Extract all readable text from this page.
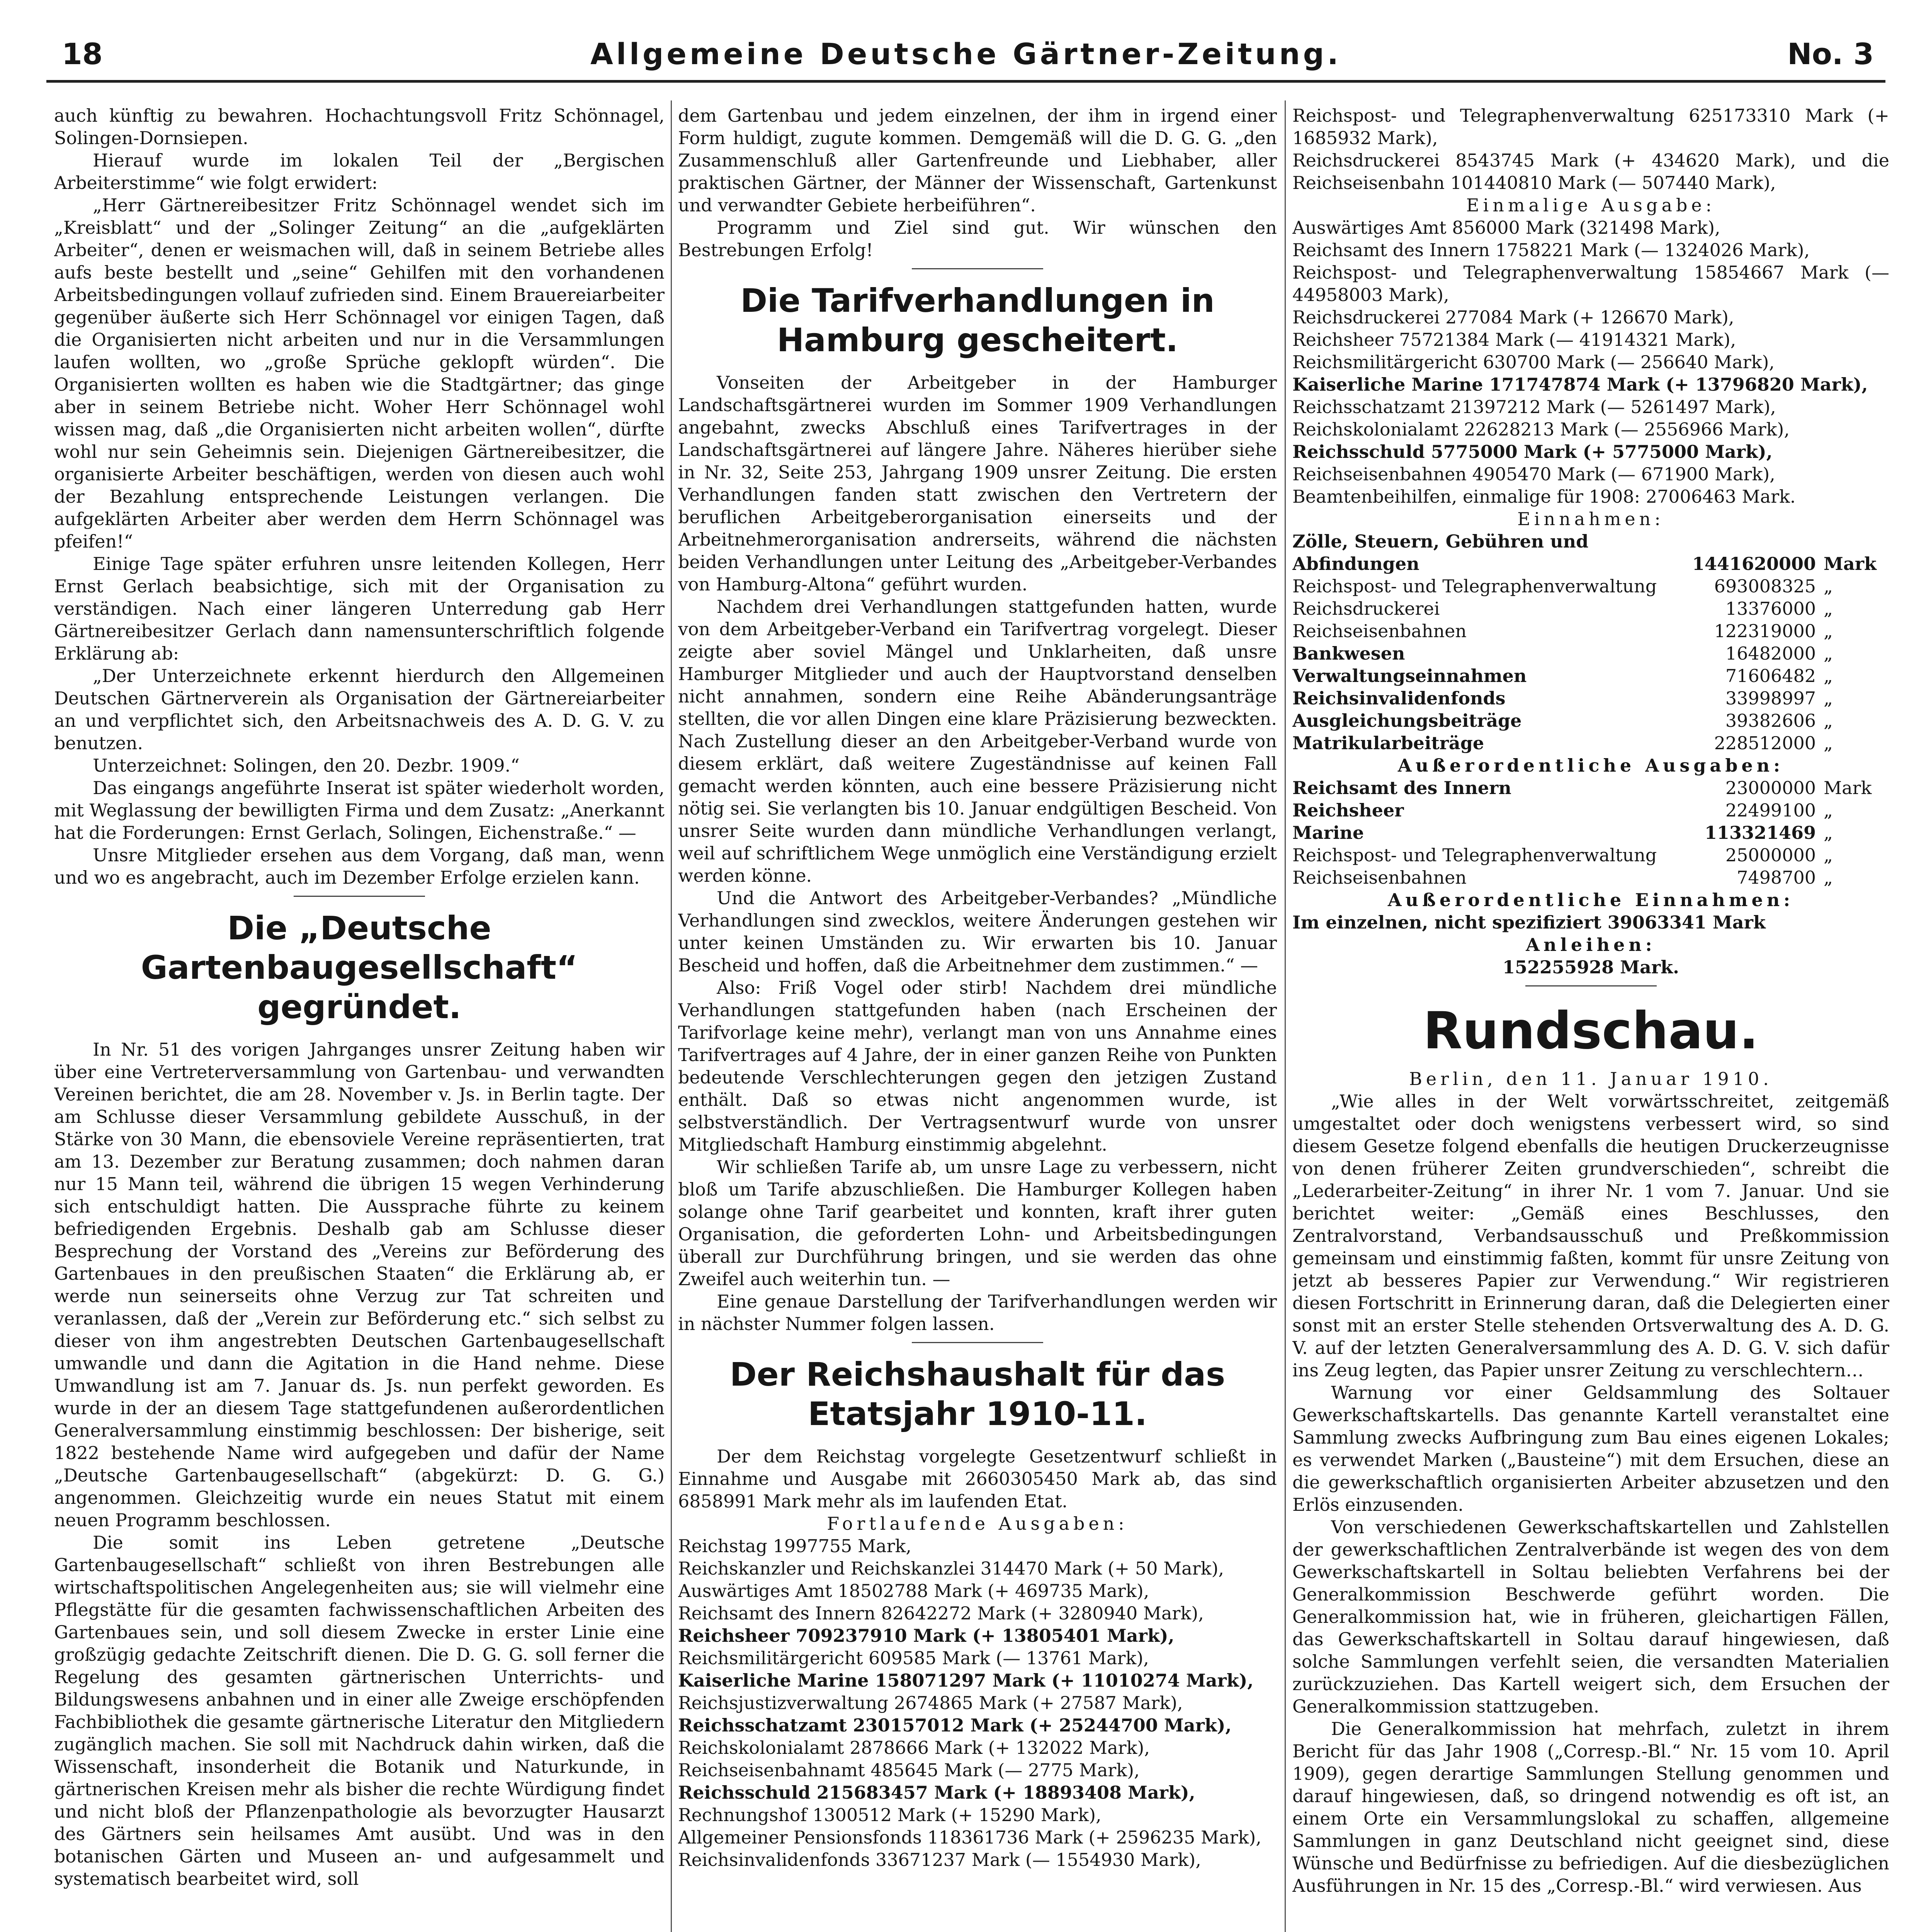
18	Allgemeine Deutsche Gärtner-Zeitung.	No. 3

auch künftig zu bewahren. Hochachtungsvoll Fritz Schönnagel, Solingen-Dornsiepen.

Hierauf wurde im lokalen Teil der „Bergischen Arbeiterstimme“ wie folgt erwidert:

„Herr Gärtnereibesitzer Fritz Schönnagel wendet sich im „Kreisblatt“ und der „Solinger Zeitung“ an die „aufgeklärten Arbeiter“, denen er weismachen will, daß in seinem Betriebe alles aufs beste bestellt und „seine“ Gehilfen mit den vorhandenen Arbeitsbedingungen vollauf zufrieden sind. Einem Brauereiarbeiter gegenüber äußerte sich Herr Schönnagel vor einigen Tagen, daß die Organisierten nicht arbeiten und nur in die Versammlungen laufen wollten, wo „große Sprüche geklopft würden“. Die Organisierten wollten es haben wie die Stadtgärtner; das ginge aber in seinem Betriebe nicht. Woher Herr Schönnagel wohl wissen mag, daß „die Organisierten nicht arbeiten wollen“, dürfte wohl nur sein Geheimnis sein. Diejenigen Gärtnereibesitzer, die organisierte Arbeiter beschäftigen, werden von diesen auch wohl der Bezahlung entsprechende Leistungen verlangen. Die aufgeklärten Arbeiter aber werden dem Herrn Schönnagel was pfeifen!“

Einige Tage später erfuhren unsre leitenden Kollegen, Herr Ernst Gerlach beabsichtige, sich mit der Organisation zu verständigen. Nach einer längeren Unterredung gab Herr Gärtnereibesitzer Gerlach dann namensunterschriftlich folgende Erklärung ab:

„Der Unterzeichnete erkennt hierdurch den Allgemeinen Deutschen Gärtnerverein als Organisation der Gärtnereiarbeiter an und verpflichtet sich, den Arbeitsnachweis des A. D. G. V. zu benutzen.

Unterzeichnet: Solingen, den 20. Dezbr. 1909.“

Das eingangs angeführte Inserat ist später wiederholt worden, mit Weglassung der bewilligten Firma und dem Zusatz: „Anerkannt hat die Forderungen: Ernst Gerlach, Solingen, Eichenstraße.“ —

Unsre Mitglieder ersehen aus dem Vorgang, daß man, wenn und wo es angebracht, auch im Dezember Erfolge erzielen kann.

Die „Deutsche Gartenbaugesellschaft“ gegründet.

In Nr. 51 des vorigen Jahrganges unsrer Zeitung haben wir über eine Vertreterversammlung von Gartenbau- und verwandten Vereinen berichtet, die am 28. November v. Js. in Berlin tagte. Der am Schlusse dieser Versammlung gebildete Ausschuß, in der Stärke von 30 Mann, die ebensoviele Vereine repräsentierten, trat am 13. Dezember zur Beratung zusammen; doch nahmen daran nur 15 Mann teil, während die übrigen 15 wegen Verhinderung sich entschuldigt hatten. Die Aussprache führte zu keinem befriedigenden Ergebnis. Deshalb gab am Schlusse dieser Besprechung der Vorstand des „Vereins zur Beförderung des Gartenbaues in den preußischen Staaten“ die Erklärung ab, er werde nun seinerseits ohne Verzug zur Tat schreiten und veranlassen, daß der „Verein zur Beförderung etc.“ sich selbst zu dieser von ihm angestrebten Deutschen Gartenbaugesellschaft umwandle und dann die Agitation in die Hand nehme. Diese Umwandlung ist am 7. Januar ds. Js. nun perfekt geworden. Es wurde in der an diesem Tage stattgefundenen außerordentlichen Generalversammlung einstimmig beschlossen: Der bisherige, seit 1822 bestehende Name wird aufgegeben und dafür der Name „Deutsche Gartenbaugesellschaft“ (abgekürzt: D. G. G.) angenommen. Gleichzeitig wurde ein neues Statut mit einem neuen Programm beschlossen.

Die somit ins Leben getretene „Deutsche Gartenbaugesellschaft“ schließt von ihren Bestrebungen alle wirtschaftspolitischen Angelegenheiten aus; sie will vielmehr eine Pflegstätte für die gesamten fachwissenschaftlichen Arbeiten des Gartenbaues sein, und soll diesem Zwecke in erster Linie eine großzügig gedachte Zeitschrift dienen. Die D. G. G. soll ferner die Regelung des gesamten gärtnerischen Unterrichts- und Bildungswesens anbahnen und in einer alle Zweige erschöpfenden Fachbibliothek die gesamte gärtnerische Literatur den Mitgliedern zugänglich machen. Sie soll mit Nachdruck dahin wirken, daß die Wissenschaft, insonderheit die Botanik und Naturkunde, in gärtnerischen Kreisen mehr als bisher die rechte Würdigung findet und nicht bloß der Pflanzenpathologie als bevorzugter Hausarzt des Gärtners sein heilsames Amt ausübt. Und was in den botanischen Gärten und Museen an- und aufgesammelt und systematisch bearbeitet wird, soll

dem Gartenbau und jedem einzelnen, der ihm in irgend einer Form huldigt, zugute kommen. Demgemäß will die D. G. G. „den Zusammenschluß aller Gartenfreunde und Liebhaber, aller praktischen Gärtner, der Männer der Wissenschaft, Gartenkunst und verwandter Gebiete herbeiführen“.

Programm und Ziel sind gut. Wir wünschen den Bestrebungen Erfolg!

Die Tarifverhandlungen in Hamburg gescheitert.

Vonseiten der Arbeitgeber in der Hamburger Landschaftsgärtnerei wurden im Sommer 1909 Verhandlungen angebahnt, zwecks Abschluß eines Tarifvertrages in der Landschaftsgärtnerei auf längere Jahre. Näheres hierüber siehe in Nr. 32, Seite 253, Jahrgang 1909 unsrer Zeitung. Die ersten Verhandlungen fanden statt zwischen den Vertretern der beruflichen Arbeitgeberorganisation einerseits und der Arbeitnehmerorganisation andrerseits, während die nächsten beiden Verhandlungen unter Leitung des „Arbeitgeber-Verbandes von Hamburg-Altona“ geführt wurden.

Nachdem drei Verhandlungen stattgefunden hatten, wurde von dem Arbeitgeber-Verband ein Tarifvertrag vorgelegt. Dieser zeigte aber soviel Mängel und Unklarheiten, daß unsre Hamburger Mitglieder und auch der Hauptvorstand denselben nicht annahmen, sondern eine Reihe Abänderungsanträge stellten, die vor allen Dingen eine klare Präzisierung bezweckten. Nach Zustellung dieser an den Arbeitgeber-Verband wurde von diesem erklärt, daß weitere Zugeständnisse auf keinen Fall gemacht werden könnten, auch eine bessere Präzisierung nicht nötig sei. Sie verlangten bis 10. Januar endgültigen Bescheid. Von unsrer Seite wurden dann mündliche Verhandlungen verlangt, weil auf schriftlichem Wege unmöglich eine Verständigung erzielt werden könne.

Und die Antwort des Arbeitgeber-Verbandes? „Mündliche Verhandlungen sind zwecklos, weitere Änderungen gestehen wir unter keinen Umständen zu. Wir erwarten bis 10. Januar Bescheid und hoffen, daß die Arbeitnehmer dem zustimmen.“ —

Also: Friß Vogel oder stirb! Nachdem drei mündliche Verhandlungen stattgefunden haben (nach Erscheinen der Tarifvorlage keine mehr), verlangt man von uns Annahme eines Tarifvertrages auf 4 Jahre, der in einer ganzen Reihe von Punkten bedeutende Verschlechterungen gegen den jetzigen Zustand enthält. Daß so etwas nicht angenommen wurde, ist selbstverständlich. Der Vertragsentwurf wurde von unsrer Mitgliedschaft Hamburg einstimmig abgelehnt.

Wir schließen Tarife ab, um unsre Lage zu verbessern, nicht bloß um Tarife abzuschließen. Die Hamburger Kollegen haben solange ohne Tarif gearbeitet und konnten, kraft ihrer guten Organisation, die geforderten Lohn- und Arbeitsbedingungen überall zur Durchführung bringen, und sie werden das ohne Zweifel auch weiterhin tun. —

Eine genaue Darstellung der Tarifverhandlungen werden wir in nächster Nummer folgen lassen.

Der Reichshaushalt für das Etatsjahr 1910-11.

Der dem Reichstag vorgelegte Gesetzentwurf schließt in Einnahme und Ausgabe mit 2660305450 Mark ab, das sind 6858991 Mark mehr als im laufenden Etat.

Fortlaufende Ausgaben:

Reichstag 1997755 Mark,

Reichskanzler und Reichskanzlei 314470 Mark (+ 50 Mark),

Auswärtiges Amt 18502788 Mark (+ 469735 Mark),

Reichsamt des Innern 82642272 Mark (+ 3280940 Mark),

Reichsheer 709237910 Mark (+ 13805401 Mark),

Reichsmilitärgericht 609585 Mark (— 13761 Mark),

Kaiserliche Marine 158071297 Mark (+ 11010274 Mark),

Reichsjustizverwaltung 2674865 Mark (+ 27587 Mark),

Reichsschatzamt 230157012 Mark (+ 25244700 Mark),

Reichskolonialamt 2878666 Mark (+ 132022 Mark),

Reichseisenbahnamt 485645 Mark (— 2775 Mark),

Reichsschuld 215683457 Mark (+ 18893408 Mark),

Rechnungshof 1300512 Mark (+ 15290 Mark),

Allgemeiner Pensionsfonds 118361736 Mark (+ 2596235 Mark),

Reichsinvalidenfonds 33671237 Mark (— 1554930 Mark),

Reichspost- und Telegraphenverwaltung 625173310 Mark (+ 1685932 Mark),

Reichsdruckerei 8543745 Mark (+ 434620 Mark), und die Reichseisenbahn 101440810 Mark (— 507440 Mark),

Einmalige Ausgabe:

Auswärtiges Amt 856000 Mark (321498 Mark),

Reichsamt des Innern 1758221 Mark (— 1324026 Mark),

Reichspost- und Telegraphenverwaltung 15854667 Mark (— 44958003 Mark),

Reichsdruckerei 277084 Mark (+ 126670 Mark),

Reichsheer 75721384 Mark (— 41914321 Mark),

Reichsmilitärgericht 630700 Mark (— 256640 Mark),

Kaiserliche Marine 171747874 Mark (+ 13796820 Mark),

Reichsschatzamt 21397212 Mark (— 5261497 Mark),

Reichskolonialamt 22628213 Mark (— 2556966 Mark),

Reichsschuld 5775000 Mark (+ 5775000 Mark),

Reichseisenbahnen 4905470 Mark (— 671900 Mark),

Beamtenbeihilfen, einmalige für 1908: 27006463 Mark.

Einnahmen:

Zölle, Steuern, Gebühren und Abfindungen	1441620000	Mark
Reichspost- und Telegraphenverwaltung	693008325	„
Reichsdruckerei	13376000	„
Reichseisenbahnen	122319000	„
Bankwesen	16482000	„
Verwaltungseinnahmen	71606482	„
Reichsinvalidenfonds	33998997	„
Ausgleichungsbeiträge	39382606	„
Matrikularbeiträge	228512000	„

Außerordentliche Ausgaben:

Reichsamt des Innern	23000000	Mark
Reichsheer	22499100	„
Marine	113321469	„
Reichspost- und Telegraphenverwaltung	25000000	„
Reichseisenbahnen	7498700	„

Außerordentliche Einnahmen:

Im einzelnen, nicht spezifiziert 39063341 Mark

Anleihen:

152255928 Mark.

Rundschau.

Berlin, den 11. Januar 1910.

„Wie alles in der Welt vorwärtsschreitet, zeitgemäß umgestaltet oder doch wenigstens verbessert wird, so sind diesem Gesetze folgend ebenfalls die heutigen Druckerzeugnisse von denen früherer Zeiten grundverschieden“, schreibt die „Lederarbeiter-Zeitung“ in ihrer Nr. 1 vom 7. Januar. Und sie berichtet weiter: „Gemäß eines Beschlusses, den Zentralvorstand, Verbandsausschuß und Preßkommission gemeinsam und einstimmig faßten, kommt für unsre Zeitung von jetzt ab besseres Papier zur Verwendung.“ Wir registrieren diesen Fortschritt in Erinnerung daran, daß die Delegierten einer sonst mit an erster Stelle stehenden Ortsverwaltung des A. D. G. V. auf der letzten Generalversammlung des A. D. G. V. sich dafür ins Zeug legten, das Papier unsrer Zeitung zu verschlechtern…

Warnung vor einer Geldsammlung des Soltauer Gewerkschaftskartells. Das genannte Kartell veranstaltet eine Sammlung zwecks Aufbringung zum Bau eines eigenen Lokales; es verwendet Marken („Bausteine“) mit dem Ersuchen, diese an die gewerkschaftlich organisierten Arbeiter abzusetzen und den Erlös einzusenden.

Von verschiedenen Gewerkschaftskartellen und Zahlstellen der gewerkschaftlichen Zentralverbände ist wegen des von dem Gewerkschaftskartell in Soltau beliebten Verfahrens bei der Generalkommission Beschwerde geführt worden. Die Generalkommission hat, wie in früheren, gleichartigen Fällen, das Gewerkschaftskartell in Soltau darauf hingewiesen, daß solche Sammlungen verfehlt seien, die versandten Materialien zurückzuziehen. Das Kartell weigert sich, dem Ersuchen der Generalkommission stattzugeben.

Die Generalkommission hat mehrfach, zuletzt in ihrem Bericht für das Jahr 1908 („Corresp.-Bl.“ Nr. 15 vom 10. April 1909), gegen derartige Sammlungen Stellung genommen und darauf hingewiesen, daß, so dringend notwendig es oft ist, an einem Orte ein Versammlungslokal zu schaffen, allgemeine Sammlungen in ganz Deutschland nicht geeignet sind, diese Wünsche und Bedürfnisse zu befriedigen. Auf die diesbezüglichen Ausführungen in Nr. 15 des „Corresp.-Bl.“ wird verwiesen. Aus
